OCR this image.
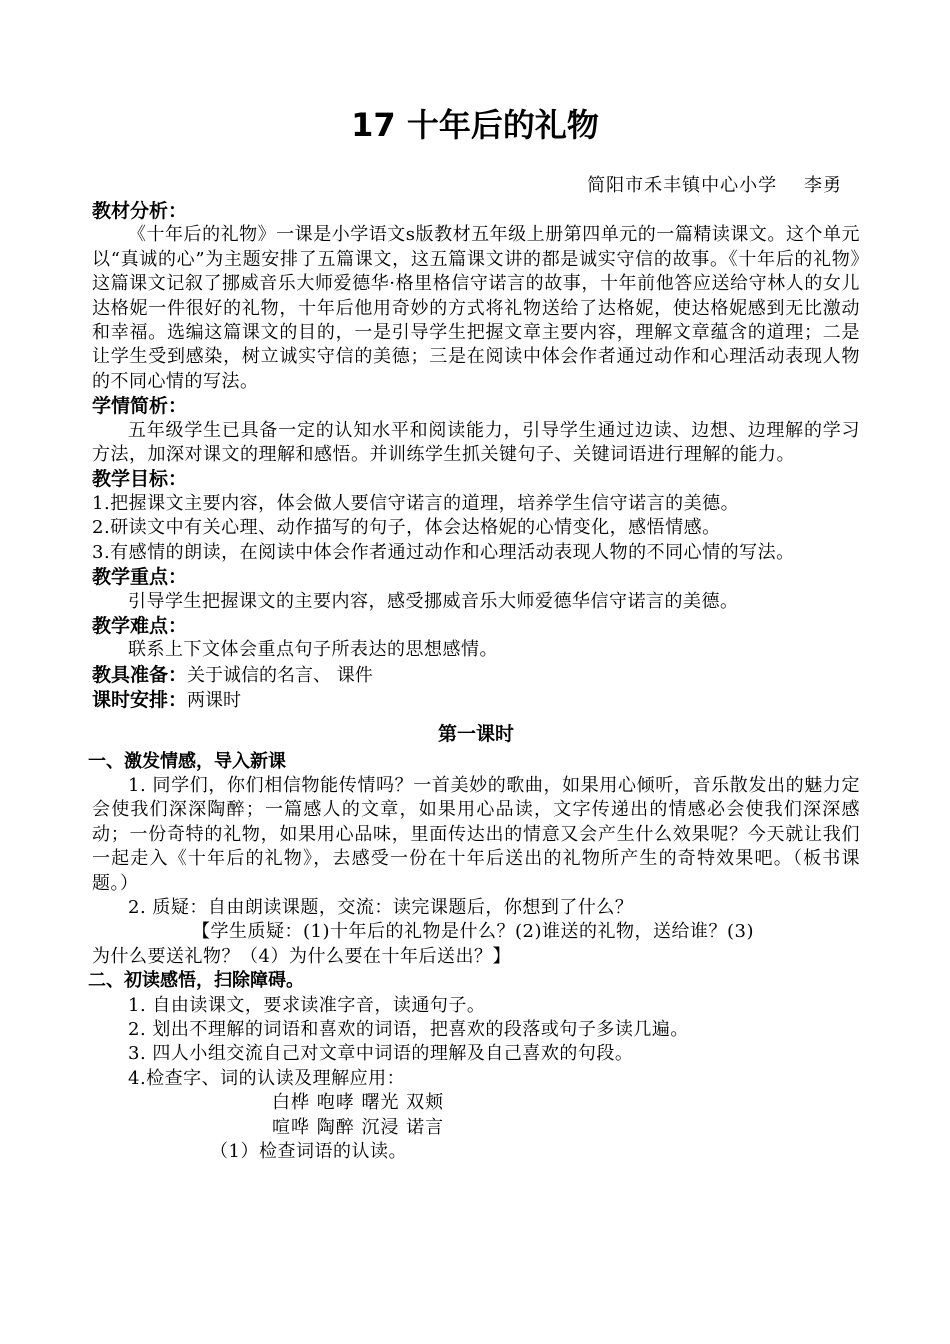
17 十年后的礼物
简阳市禾丰镇中心小学    李勇

教材分析：

《十年后的礼物》一课是小学语文s版教材五年级上册第四单元的一篇精读课文。这个单元以“真诚的心”为主题安排了五篇课文，这五篇课文讲的都是诚实守信的故事。《十年后的礼物》这篇课文记叙了挪威音乐大师爱德华·格里格信守诺言的故事，十年前他答应送给守林人的女儿达格妮一件很好的礼物，十年后他用奇妙的方式将礼物送给了达格妮，使达格妮感到无比激动和幸福。选编这篇课文的目的，一是引导学生把握文章主要内容，理解文章蕴含的道理；二是让学生受到感染，树立诚实守信的美德；三是在阅读中体会作者通过动作和心理活动表现人物的不同心情的写法。

学情简析：

五年级学生已具备一定的认知水平和阅读能力，引导学生通过边读、边想、边理解的学习方法，加深对课文的理解和感悟。并训练学生抓关键句子、关键词语进行理解的能力。

教学目标：

1.把握课文主要内容，体会做人要信守诺言的道理，培养学生信守诺言的美德。

2.研读文中有关心理、动作描写的句子，体会达格妮的心情变化，感悟情感。

3.有感情的朗读，在阅读中体会作者通过动作和心理活动表现人物的不同心情的写法。

教学重点：

引导学生把握课文的主要内容，感受挪威音乐大师爱德华信守诺言的美德。

教学难点：

联系上下文体会重点句子所表达的思想感情。

教具准备：关于诚信的名言、 课件

课时安排：两课时

第一课时

一、激发情感，导入新课

1. 同学们，你们相信物能传情吗？一首美妙的歌曲，如果用心倾听，音乐散发出的魅力定会使我们深深陶醉；一篇感人的文章，如果用心品读，文字传递出的情感必会使我们深深感动；一份奇特的礼物，如果用心品味，里面传达出的情意又会产生什么效果呢？今天就让我们一起走入《十年后的礼物》，去感受一份在十年后送出的礼物所产生的奇特效果吧。（板书课题。）

2. 质疑：自由朗读课题，交流：读完课题后，你想到了什么？

【学生质疑：(1)十年后的礼物是什么？(2)谁送的礼物，送给谁？(3)

为什么要送礼物？（4）为什么要在十年后送出？】

二、初读感悟，扫除障碍。

1. 自由读课文，要求读准字音，读通句子。

2. 划出不理解的词语和喜欢的词语，把喜欢的段落或句子多读几遍。

3. 四人小组交流自己对文章中词语的理解及自己喜欢的句段。

4.检查字、词的认读及理解应用：

白桦 咆哮 曙光 双颊

喧哗 陶醉 沉浸 诺言

（1）检查词语的认读。
